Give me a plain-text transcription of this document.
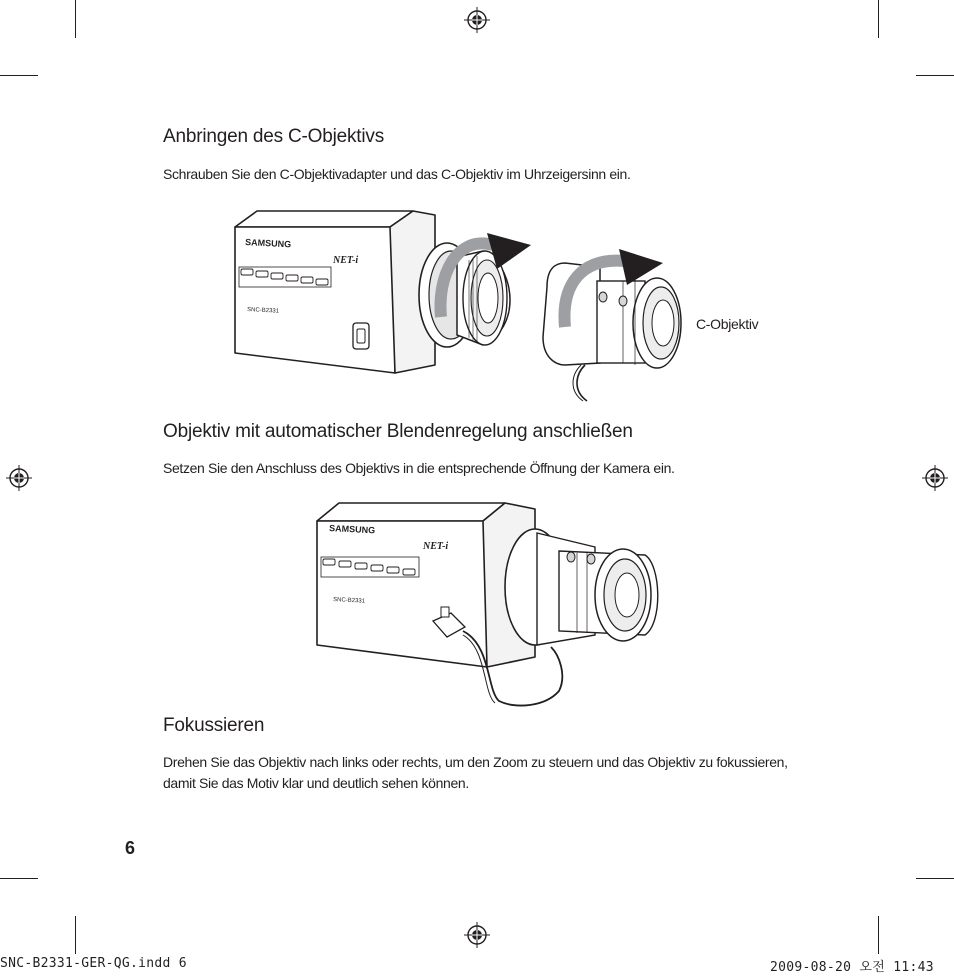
Anbringen des C-Objektivs

Schrauben Sie den C-Objektivadapter und das C-Objektiv im Uhrzeigersinn ein.

SAMSUNG
NET-i
SNC-B2331
C-Objektiv
Objektiv mit automatischer Blendenregelung anschließen

Setzen Sie den Anschluss des Objektivs in die entsprechende Öffnung der Kamera ein.

SAMSUNG
NET-i
SNC-B2331
Fokussieren

Drehen Sie das Objektiv nach links oder rechts, um den Zoom zu steuern und das Objektiv zu fokussieren, damit Sie das Motiv klar und deutlich sehen können.

6
SNC-B2331-GER-QG.indd 6	2009-08-20 오전 11:43
